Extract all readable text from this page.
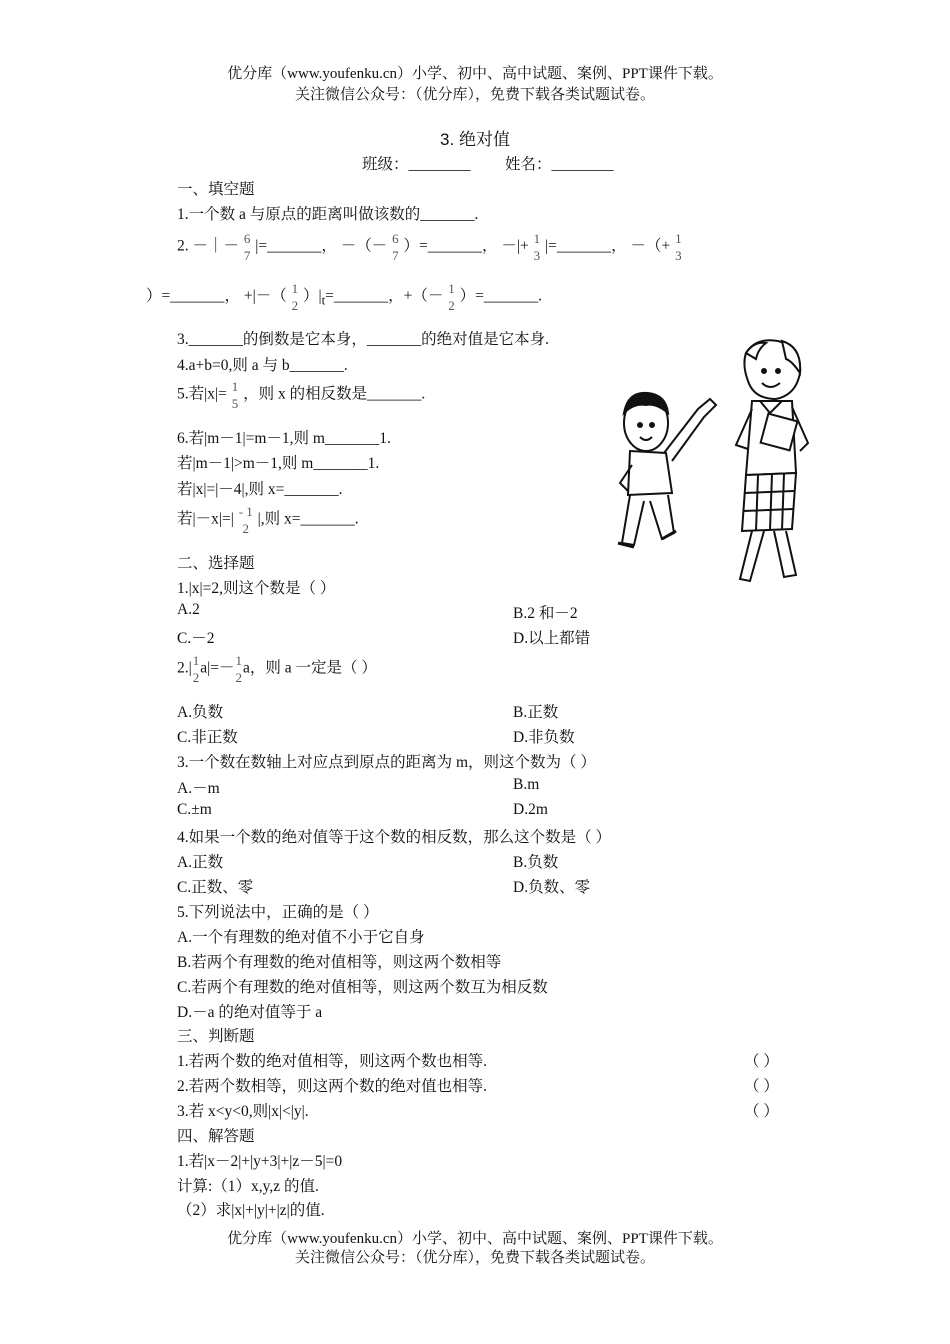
优分库（www.youfenku.cn）小学、初中、高中试题、案例、PPT课件下载。
关注微信公众号：（优分库），免费下载各类试题试卷。
3. 绝对值
班级：________ 姓名：________
一、填空题
1.一个数 a 与原点的距离叫做该数的_______.
2. －｜－ 6
7
|=_______， －（－ 6
7
）=_______， －|+ 1
3
|=_______， －（+ 1
3
）=_______， +|－（ 1
2
）$|_t=\_\_\_\_\_\_\_$，+（－ 1
2
）=_______.
3._______的倒数是它本身，_______的绝对值是它本身.
4.a+b=0,则 a 与 b_______.
5.若|x|= 1
5
，则 x 的相反数是_______.
6.若|m－1|=m－1,则 m_______1.
若|m－1|>m－1,则 m_______1.
若|x|=|－4|,则 x=_______.
若|－x|=| - 1
2
|,则 x=_______.
二、选择题
1.|x|=2,则这个数是（ ）
A.2	B.2 和－2
C.－2	D.以上都错
2.| 1
2
a|=－ 1
2
a，则 a 一定是（ ）
A.负数	B.正数
C.非正数	D.非负数
3.一个数在数轴上对应点到原点的距离为 m，则这个数为（ ）
A.－m	B.m
C.±m	D.2m
4.如果一个数的绝对值等于这个数的相反数，那么这个数是（ ）
A.正数	B.负数
C.正数、零	D.负数、零
5.下列说法中，正确的是（ ）
A.一个有理数的绝对值不小于它自身
B.若两个有理数的绝对值相等，则这两个数相等
C.若两个有理数的绝对值相等，则这两个数互为相反数
D.－a 的绝对值等于 a
三、判断题
1.若两个数的绝对值相等，则这两个数也相等.	（ ）
2.若两个数相等，则这两个数的绝对值也相等.	（ ）
3.若 x<y<0,则|x|<|y|.	（ ）
四、解答题
1.若|x－2|+|y+3|+|z－5|=0
计算:（1）x,y,z 的值.
（2）求|x|+|y|+|z|的值.
优分库（www.youfenku.cn）小学、初中、高中试题、案例、PPT课件下载。
关注微信公众号：（优分库），免费下载各类试题试卷。
